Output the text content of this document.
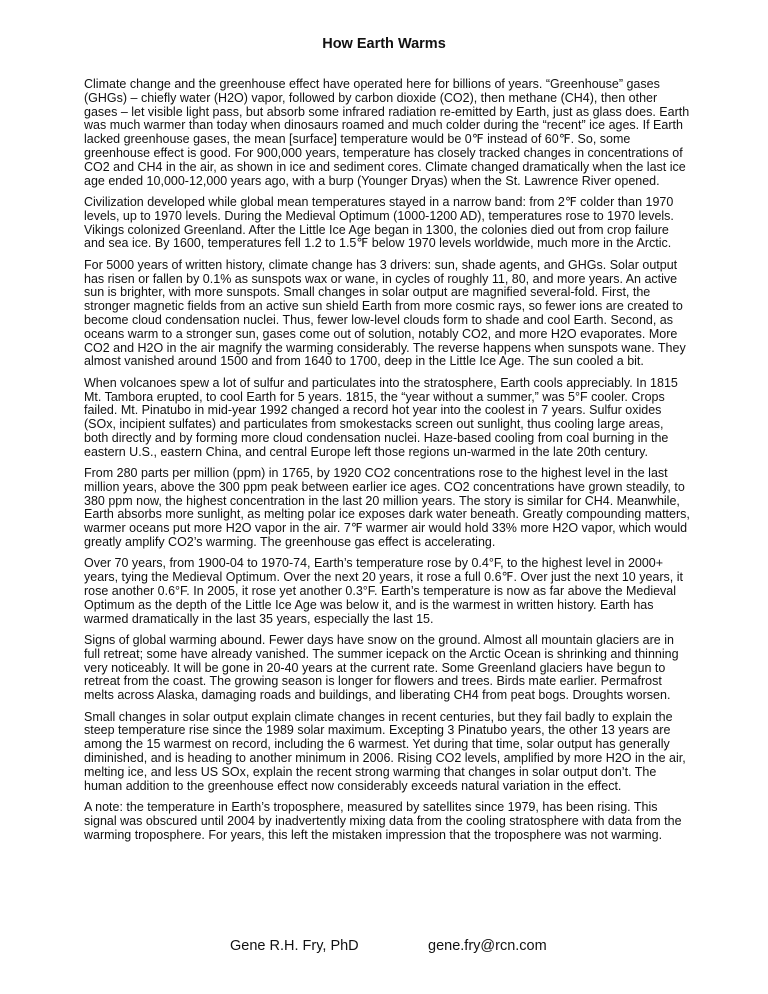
How Earth Warms

Climate change and the greenhouse effect have operated here for billions of years. “Greenhouse” gases (GHGs) – chiefly water (H2O) vapor, followed by carbon dioxide (CO2), then methane (CH4), then other gases – let visible light pass, but absorb some infrared radiation re-emitted by Earth, just as glass does. Earth was much warmer than today when dinosaurs roamed and much colder during the “recent” ice ages. If Earth lacked greenhouse gases, the mean [surface] temperature would be 0℉ instead of 60℉. So, some greenhouse effect is good. For 900,000 years, temperature has closely tracked changes in concentrations of CO2 and CH4 in the air, as shown in ice and sediment cores. Climate changed dramatically when the last ice age ended 10,000-12,000 years ago, with a burp (Younger Dryas) when the St. Lawrence River opened.

Civilization developed while global mean temperatures stayed in a narrow band: from 2℉ colder than 1970 levels, up to 1970 levels. During the Medieval Optimum (1000-1200 AD), temperatures rose to 1970 levels. Vikings colonized Greenland. After the Little Ice Age began in 1300, the colonies died out from crop failure and sea ice. By 1600, temperatures fell 1.2 to 1.5℉ below 1970 levels worldwide, much more in the Arctic.

For 5000 years of written history, climate change has 3 drivers: sun, shade agents, and GHGs. Solar output has risen or fallen by 0.1% as sunspots wax or wane, in cycles of roughly 11, 80, and more years. An active sun is brighter, with more sunspots. Small changes in solar output are magnified several-fold. First, the stronger magnetic fields from an active sun shield Earth from more cosmic rays, so fewer ions are created to become cloud condensation nuclei. Thus, fewer low-level clouds form to shade and cool Earth. Second, as oceans warm to a stronger sun, gases come out of solution, notably CO2, and more H2O evaporates. More CO2 and H2O in the air magnify the warming considerably. The reverse happens when sunspots wane. They almost vanished around 1500 and from 1640 to 1700, deep in the Little Ice Age. The sun cooled a bit.

When volcanoes spew a lot of sulfur and particulates into the stratosphere, Earth cools appreciably. In 1815 Mt. Tambora erupted, to cool Earth for 5 years. 1815, the “year without a summer,” was 5°F cooler. Crops failed. Mt. Pinatubo in mid-year 1992 changed a record hot year into the coolest in 7 years. Sulfur oxides (SOx, incipient sulfates) and particulates from smokestacks screen out sunlight, thus cooling large areas, both directly and by forming more cloud condensation nuclei. Haze-based cooling from coal burning in the eastern U.S., eastern China, and central Europe left those regions un-warmed in the late 20th century.

From 280 parts per million (ppm) in 1765, by 1920 CO2 concentrations rose to the highest level in the last million years, above the 300 ppm peak between earlier ice ages. CO2 concentrations have grown steadily, to 380 ppm now, the highest concentration in the last 20 million years. The story is similar for CH4. Meanwhile, Earth absorbs more sunlight, as melting polar ice exposes dark water beneath. Greatly compounding matters, warmer oceans put more H2O vapor in the air. 7℉ warmer air would hold 33% more H2O vapor, which would greatly amplify CO2’s warming. The greenhouse gas effect is accelerating.

Over 70 years, from 1900-04 to 1970-74, Earth’s temperature rose by 0.4°F, to the highest level in 2000+ years, tying the Medieval Optimum. Over the next 20 years, it rose a full 0.6℉. Over just the next 10 years, it rose another 0.6°F. In 2005, it rose yet another 0.3°F. Earth’s temperature is now as far above the Medieval Optimum as the depth of the Little Ice Age was below it, and is the warmest in written history. Earth has warmed dramatically in the last 35 years, especially the last 15.

Signs of global warming abound. Fewer days have snow on the ground. Almost all mountain glaciers are in full retreat; some have already vanished. The summer icepack on the Arctic Ocean is shrinking and thinning very noticeably. It will be gone in 20-40 years at the current rate. Some Greenland glaciers have begun to retreat from the coast. The growing season is longer for flowers and trees. Birds mate earlier. Permafrost melts across Alaska, damaging roads and buildings, and liberating CH4 from peat bogs. Droughts worsen.

Small changes in solar output explain climate changes in recent centuries, but they fail badly to explain the steep temperature rise since the 1989 solar maximum. Excepting 3 Pinatubo years, the other 13 years are among the 15 warmest on record, including the 6 warmest. Yet during that time, solar output has generally diminished, and is heading to another minimum in 2006. Rising CO2 levels, amplified by more H2O in the air, melting ice, and less US SOx, explain the recent strong warming that changes in solar output don’t. The human addition to the greenhouse effect now considerably exceeds natural variation in the effect.

A note: the temperature in Earth’s troposphere, measured by satellites since 1979, has been rising. This signal was obscured until 2004 by inadvertently mixing data from the cooling stratosphere with data from the warming troposphere. For years, this left the mistaken impression that the troposphere was not warming.

Gene R.H. Fry, PhD	gene.fry@rcn.com
